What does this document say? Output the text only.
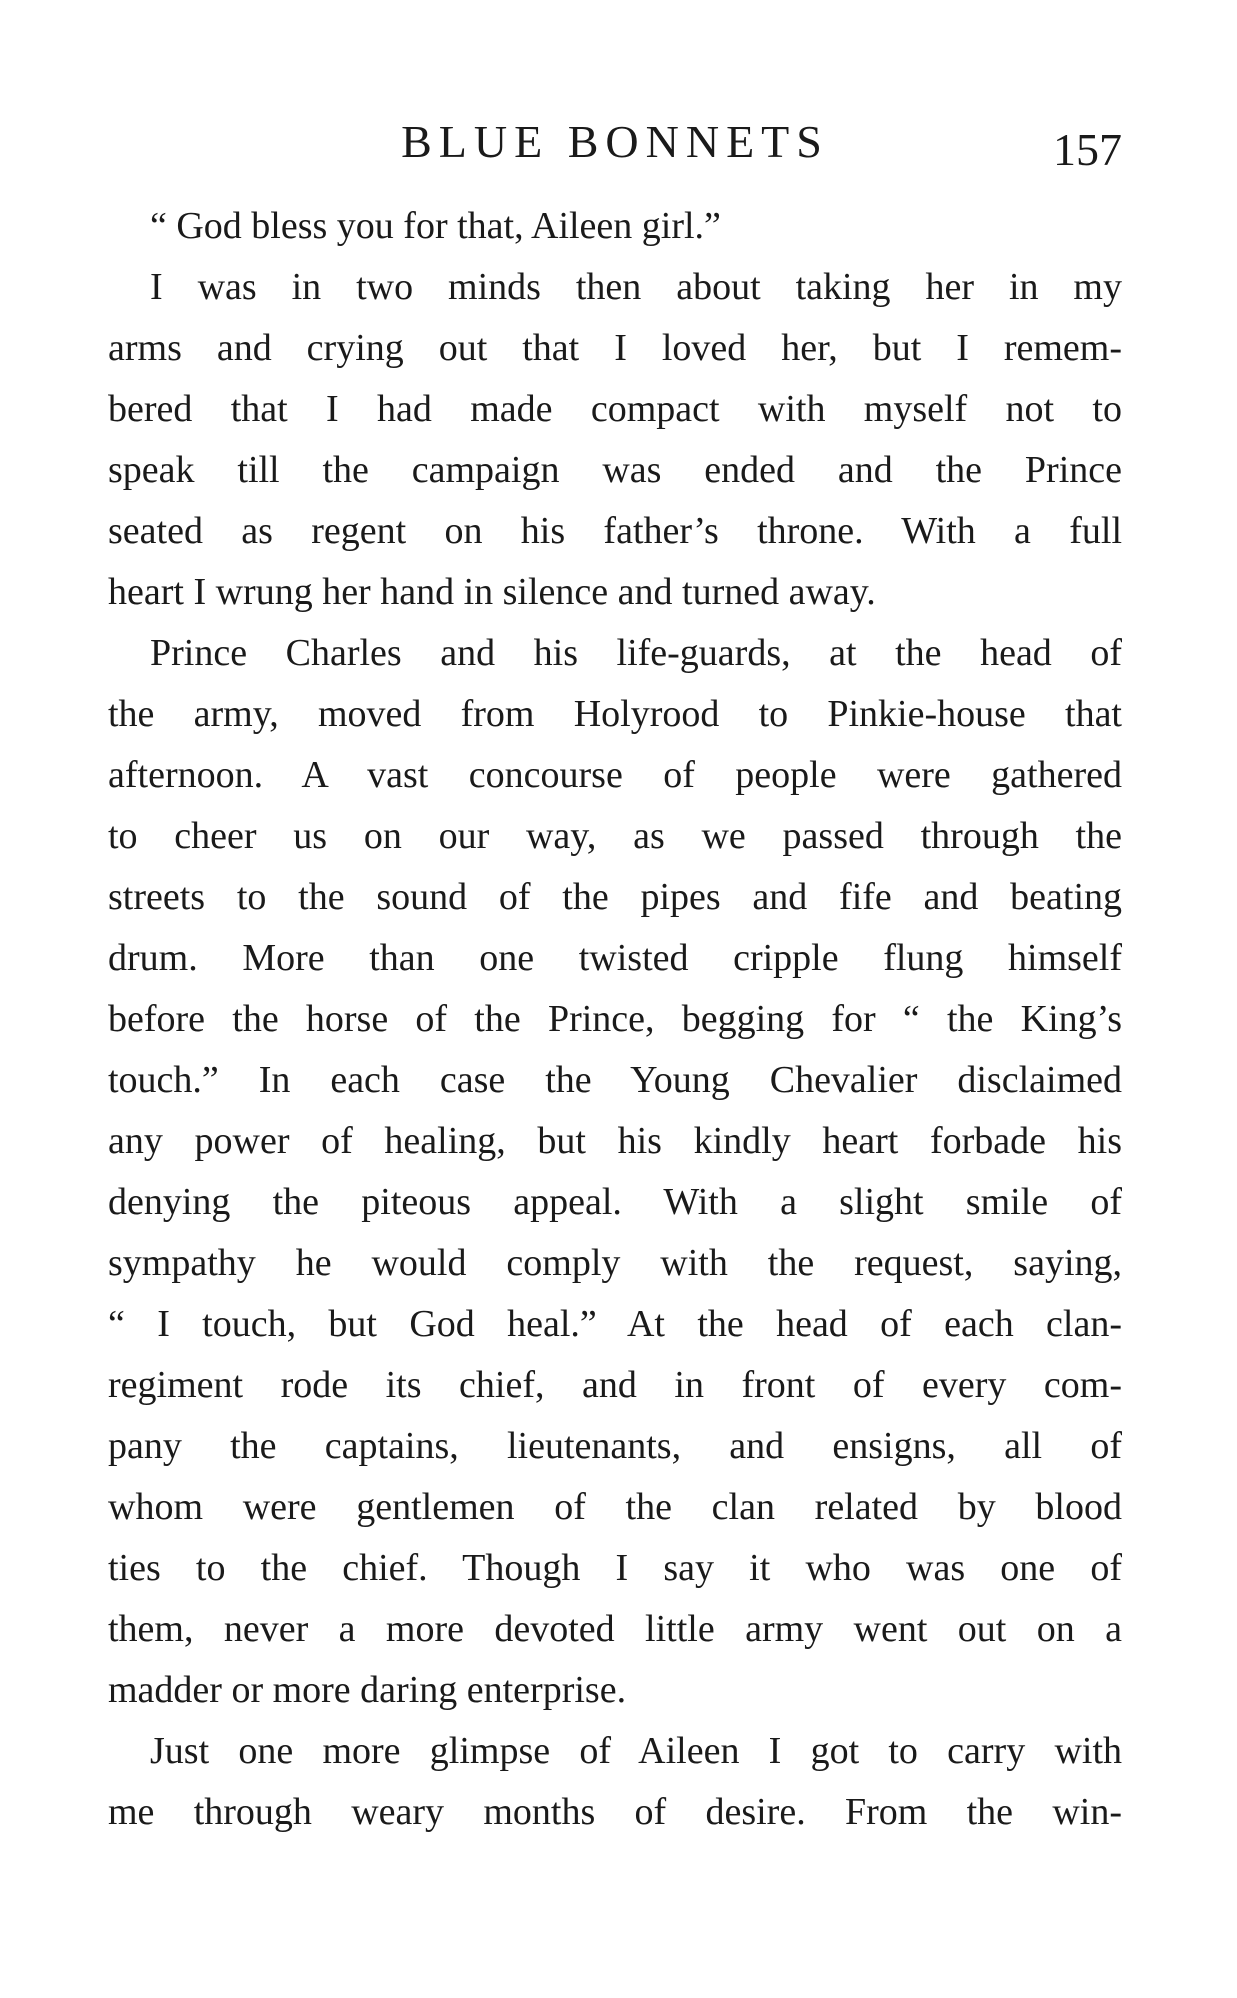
BLUE BONNETS	157
“ God bless you for that, Aileen girl.”
I was in two minds then about taking her in my
arms and crying out that I loved her, but I remem-
bered that I had made compact with myself not to
speak till the campaign was ended and the Prince
seated as regent on his father’s throne. With a full
heart I wrung her hand in silence and turned away.
Prince Charles and his life-guards, at the head of
the army, moved from Holyrood to Pinkie-house that
afternoon. A vast concourse of people were gathered
to cheer us on our way, as we passed through the
streets to the sound of the pipes and fife and beating
drum. More than one twisted cripple flung himself
before the horse of the Prince, begging for “ the King’s
touch.” In each case the Young Chevalier disclaimed
any power of healing, but his kindly heart forbade his
denying the piteous appeal. With a slight smile of
sympathy he would comply with the request, saying,
“ I touch, but God heal.” At the head of each clan-
regiment rode its chief, and in front of every com-
pany the captains, lieutenants, and ensigns, all of
whom were gentlemen of the clan related by blood
ties to the chief. Though I say it who was one of
them, never a more devoted little army went out on a
madder or more daring enterprise.
Just one more glimpse of Aileen I got to carry with
me through weary months of desire. From the win-
